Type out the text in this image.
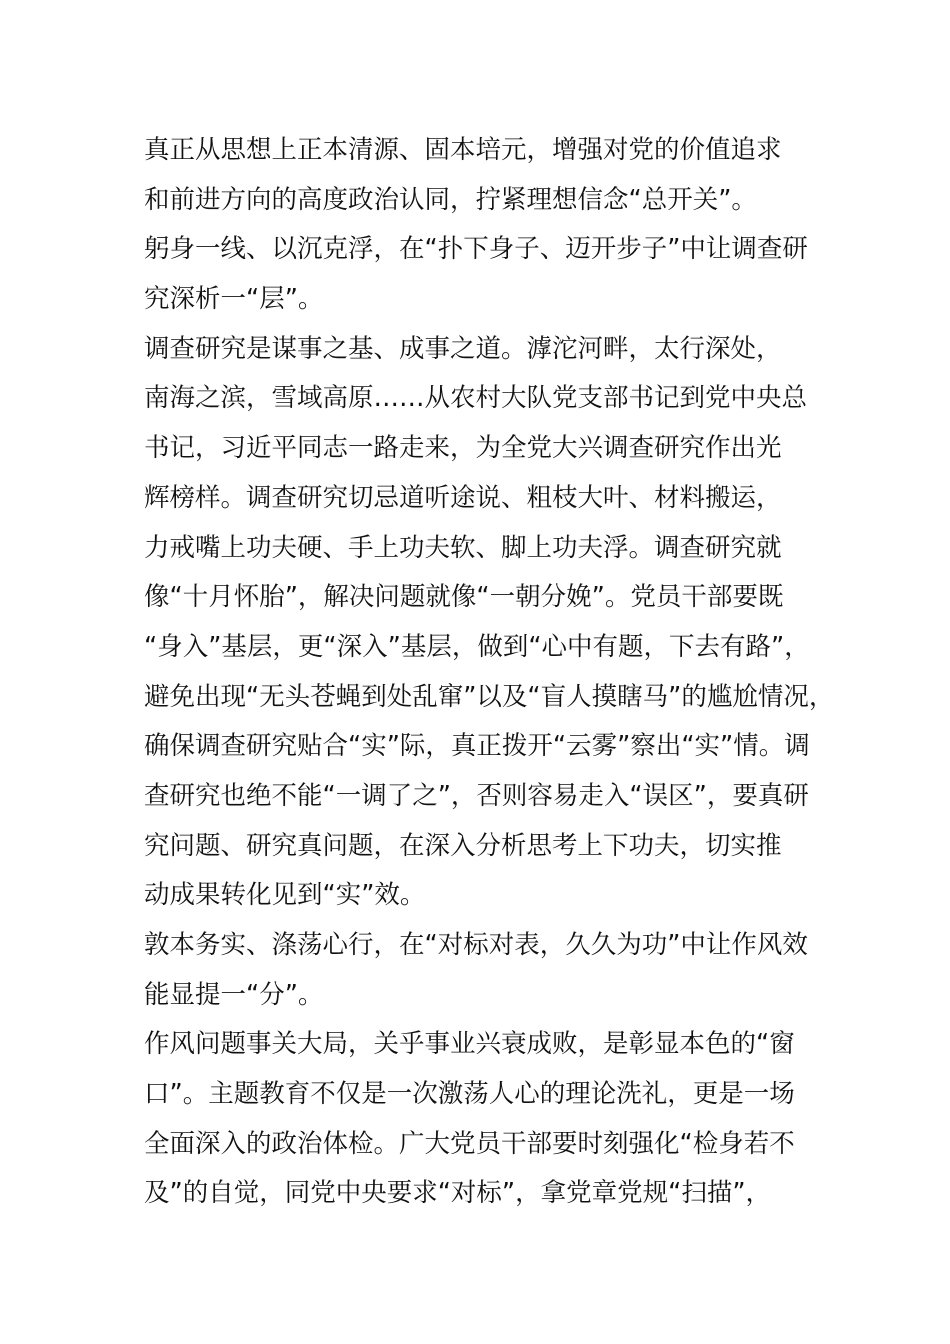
真正从思想上正本清源、固本培元，增强对党的价值追求
和前进方向的高度政治认同，拧紧理想信念“总开关”。
躬身一线、以沉克浮，在“扑下身子、迈开步子”中让调查研
究深析一“层”。
调查研究是谋事之基、成事之道。滹沱河畔，太行深处，
南海之滨，雪域高原……从农村大队党支部书记到党中央总
书记，习近平同志一路走来，为全党大兴调查研究作出光
辉榜样。调查研究切忌道听途说、粗枝大叶、材料搬运，
力戒嘴上功夫硬、手上功夫软、脚上功夫浮。调查研究就
像“十月怀胎”，解决问题就像“一朝分娩”。党员干部要既
“身入”基层，更“深入”基层，做到“心中有题，下去有路”，
避免出现“无头苍蝇到处乱窜”以及“盲人摸瞎马”的尴尬情况，
确保调查研究贴合“实”际，真正拨开“云雾”察出“实”情。调
查研究也绝不能“一调了之”，否则容易走入“误区”，要真研
究问题、研究真问题，在深入分析思考上下功夫，切实推
动成果转化见到“实”效。
敦本务实、涤荡心行，在“对标对表，久久为功”中让作风效
能显提一“分”。
作风问题事关大局，关乎事业兴衰成败，是彰显本色的“窗
口”。主题教育不仅是一次激荡人心的理论洗礼，更是一场
全面深入的政治体检。广大党员干部要时刻强化“检身若不
及”的自觉，同党中央要求“对标”，拿党章党规“扫描”，
